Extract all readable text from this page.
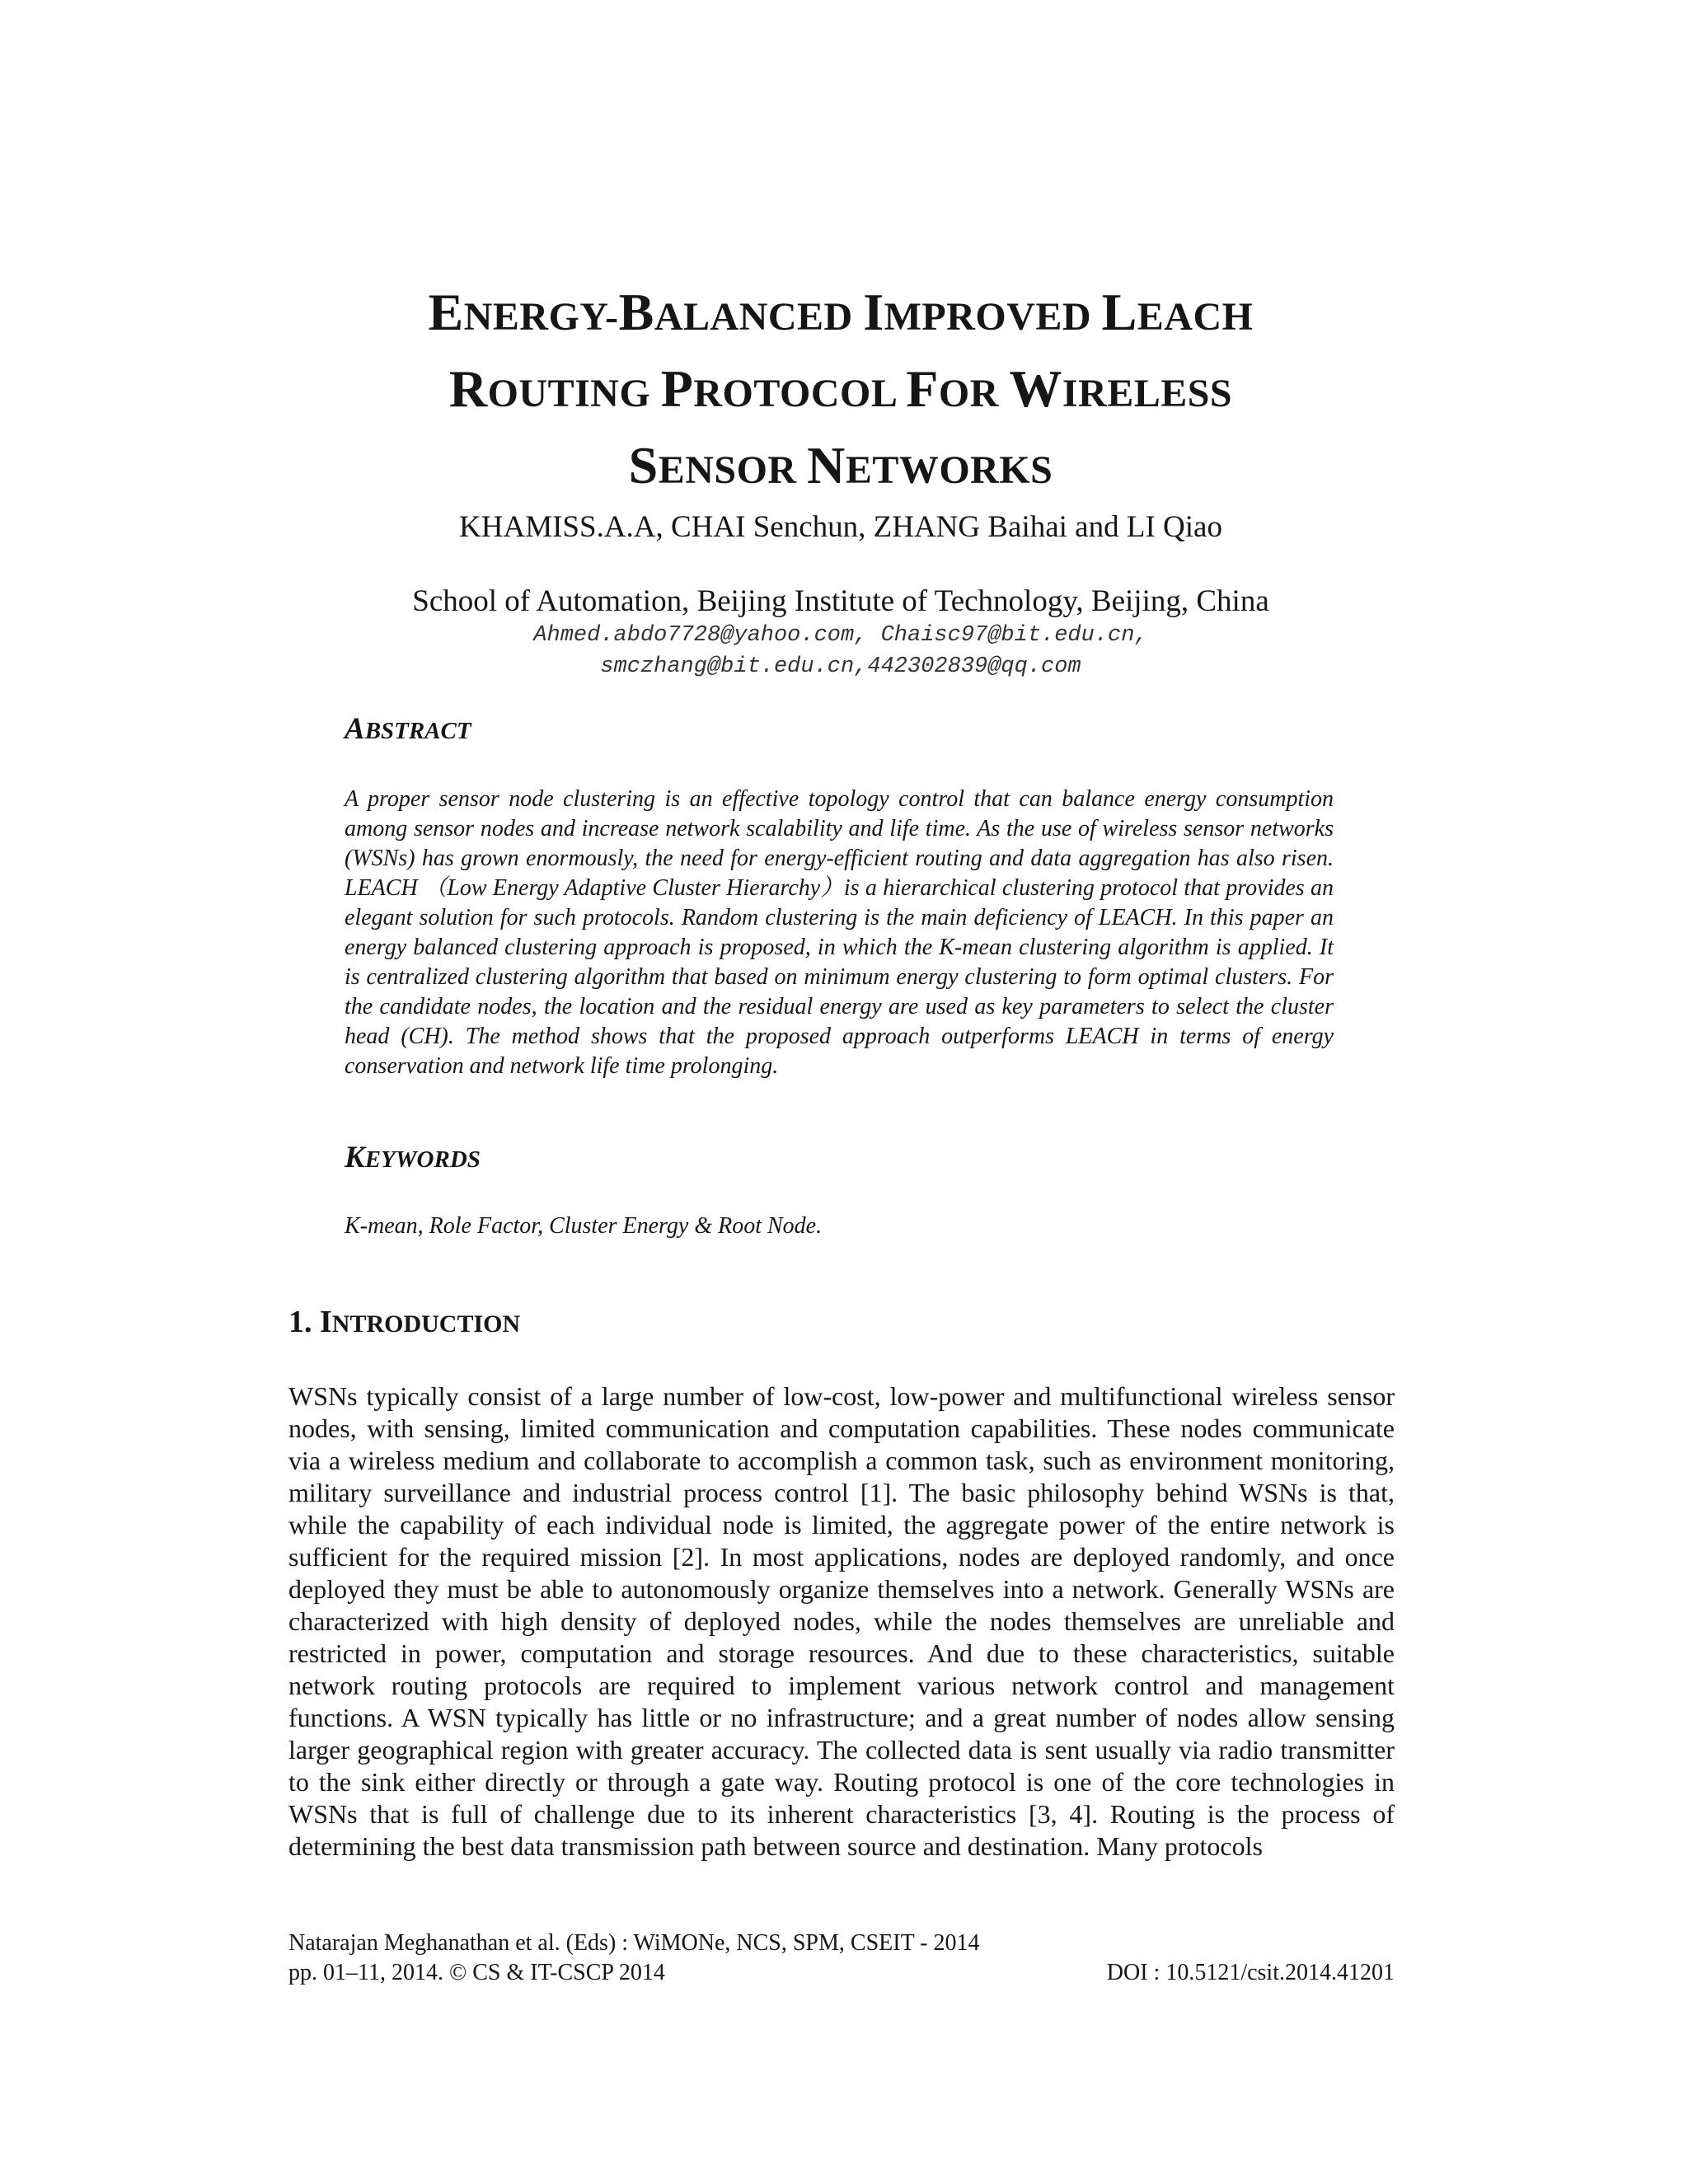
ENERGY-BALANCED IMPROVED LEACH
ROUTING PROTOCOL FOR WIRELESS
SENSOR NETWORKS
KHAMISS.A.A, CHAI Senchun, ZHANG Baihai and LI Qiao
School of Automation, Beijing Institute of Technology, Beijing, China
Ahmed.abdo7728@yahoo.com, Chaisc97@bit.edu.cn,
smczhang@bit.edu.cn,442302839@qq.com
ABSTRACT
A proper sensor node clustering is an effective topology control that can balance energy consumption among sensor nodes and increase network scalability and life time. As the use of wireless sensor networks (WSNs) has grown enormously, the need for energy-efficient routing and data aggregation has also risen. LEACH （Low Energy Adaptive Cluster Hierarchy）is a hierarchical clustering protocol that provides an elegant solution for such protocols. Random clustering is the main deficiency of LEACH. In this paper an energy balanced clustering approach is proposed, in which the K-mean clustering algorithm is applied. It is centralized clustering algorithm that based on minimum energy clustering to form optimal clusters. For the candidate nodes, the location and the residual energy are used as key parameters to select the cluster head (CH). The method shows that the proposed approach outperforms LEACH in terms of energy conservation and network life time prolonging.
KEYWORDS
K-mean, Role Factor, Cluster Energy & Root Node.
1. INTRODUCTION
WSNs typically consist of a large number of low-cost, low-power and multifunctional wireless sensor nodes, with sensing, limited communication and computation capabilities. These nodes communicate via a wireless medium and collaborate to accomplish a common task, such as environment monitoring, military surveillance and industrial process control [1]. The basic philosophy behind WSNs is that, while the capability of each individual node is limited, the aggregate power of the entire network is sufficient for the required mission [2]. In most applications, nodes are deployed randomly, and once deployed they must be able to autonomously organize themselves into a network. Generally WSNs are characterized with high density of deployed nodes, while the nodes themselves are unreliable and restricted in power, computation and storage resources. And due to these characteristics, suitable network routing protocols are required to implement various network control and management functions. A WSN typically has little or no infrastructure; and a great number of nodes allow sensing larger geographical region with greater accuracy. The collected data is sent usually via radio transmitter to the sink either directly or through a gate way. Routing protocol is one of the core technologies in WSNs that is full of challenge due to its inherent characteristics [3, 4]. Routing is the process of determining the best data transmission path between source and destination. Many protocols
Natarajan Meghanathan et al. (Eds) : WiMONe, NCS, SPM, CSEIT - 2014
pp. 01–11, 2014. © CS & IT-CSCP 2014	DOI : 10.5121/csit.2014.41201
